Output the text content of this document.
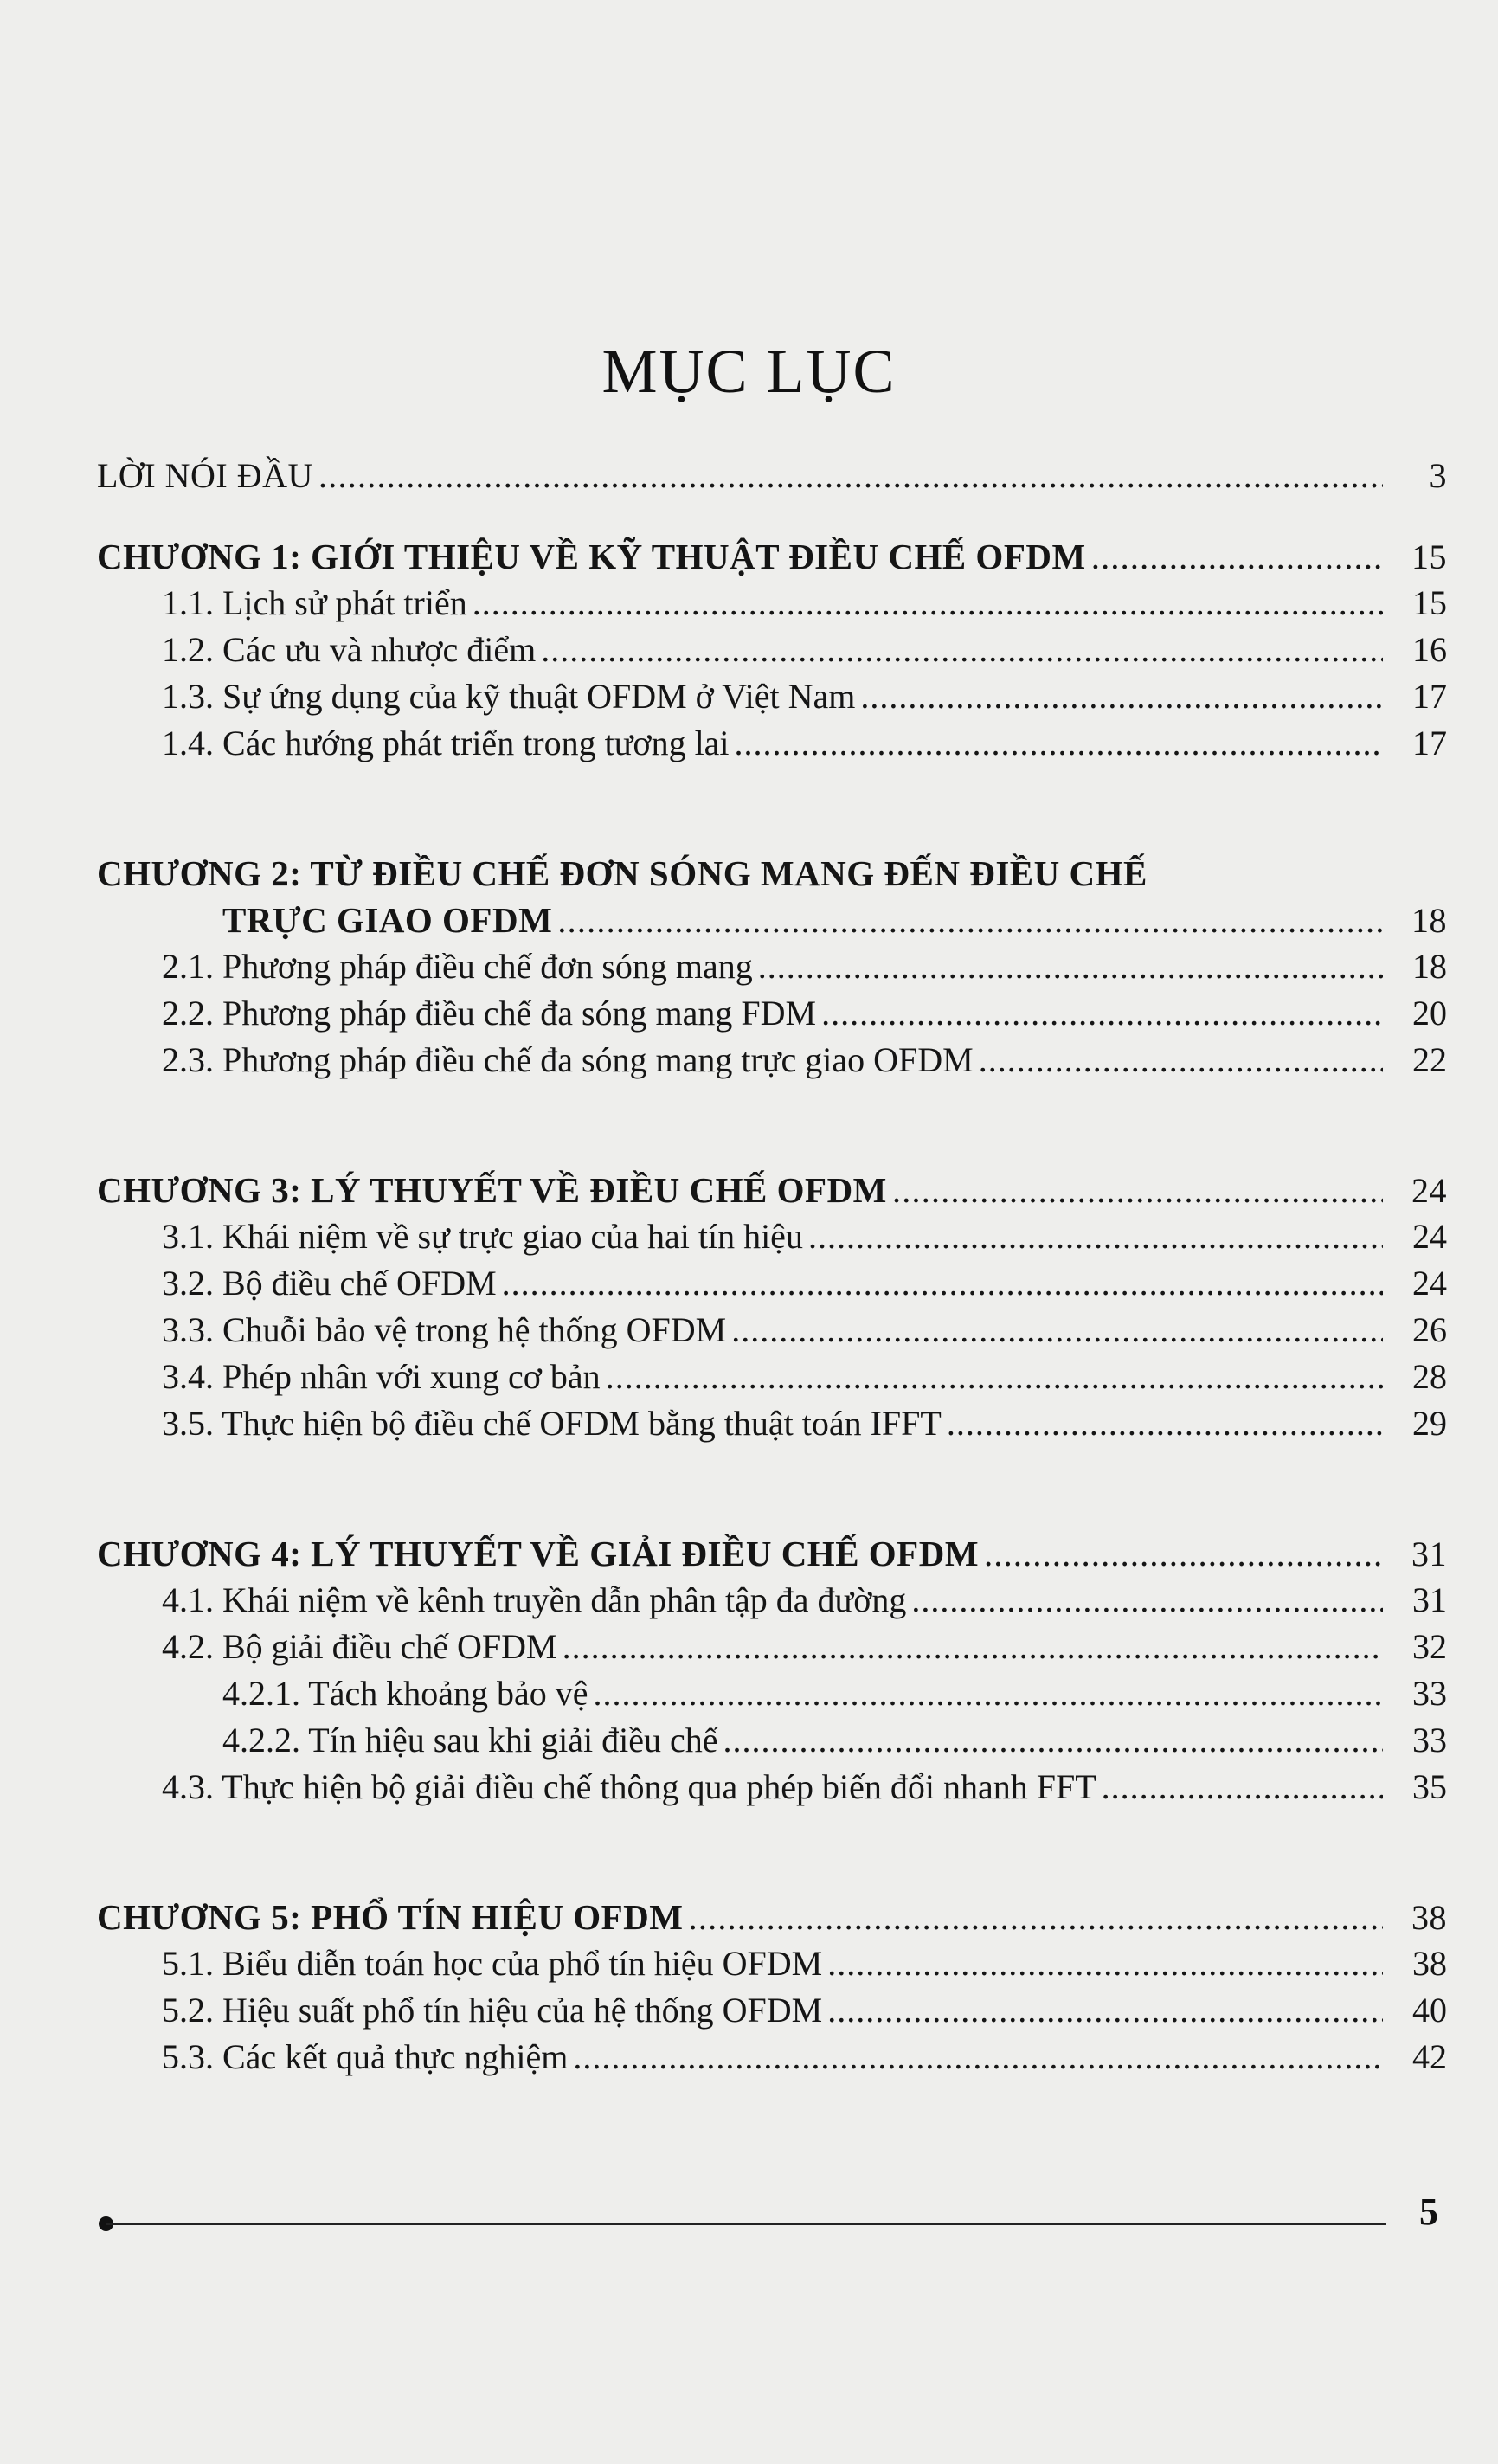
MỤC LỤC
LỜI NÓI ĐẦU .....	3
CHƯƠNG 1: GIỚI THIỆU VỀ KỸ THUẬT ĐIỀU CHẾ OFDM .....	15
1.1. Lịch sử phát triển .....	15
1.2. Các ưu và nhược điểm .....	16
1.3. Sự ứng dụng của kỹ thuật OFDM ở Việt Nam .....	17
1.4. Các hướng phát triển trong tương lai .....	17
CHƯƠNG 2: TỪ ĐIỀU CHẾ ĐƠN SÓNG MANG ĐẾN ĐIỀU CHẾ
TRỰC GIAO OFDM .....	18
2.1. Phương pháp điều chế đơn sóng mang .....	18
2.2. Phương pháp điều chế đa sóng mang FDM .....	20
2.3. Phương pháp điều chế đa sóng mang trực giao OFDM .....	22
CHƯƠNG 3: LÝ THUYẾT VỀ ĐIỀU CHẾ OFDM .....	24
3.1. Khái niệm về sự trực giao của hai tín hiệu .....	24
3.2. Bộ điều chế OFDM .....	24
3.3. Chuỗi bảo vệ trong hệ thống OFDM .....	26
3.4. Phép nhân với xung cơ bản .....	28
3.5. Thực hiện bộ điều chế OFDM bằng thuật toán IFFT .....	29
CHƯƠNG 4: LÝ THUYẾT VỀ GIẢI ĐIỀU CHẾ OFDM .....	31
4.1. Khái niệm về kênh truyền dẫn phân tập đa đường .....	31
4.2. Bộ giải điều chế OFDM .....	32
4.2.1. Tách khoảng bảo vệ .....	33
4.2.2. Tín hiệu sau khi giải điều chế .....	33
4.3. Thực hiện bộ giải điều chế thông qua phép biến đổi nhanh FFT .....	35
CHƯƠNG 5: PHỔ TÍN HIỆU OFDM .....	38
5.1. Biểu diễn toán học của phổ tín hiệu OFDM .....	38
5.2. Hiệu suất phổ tín hiệu của hệ thống OFDM .....	40
5.3. Các kết quả thực nghiệm .....	42
5
